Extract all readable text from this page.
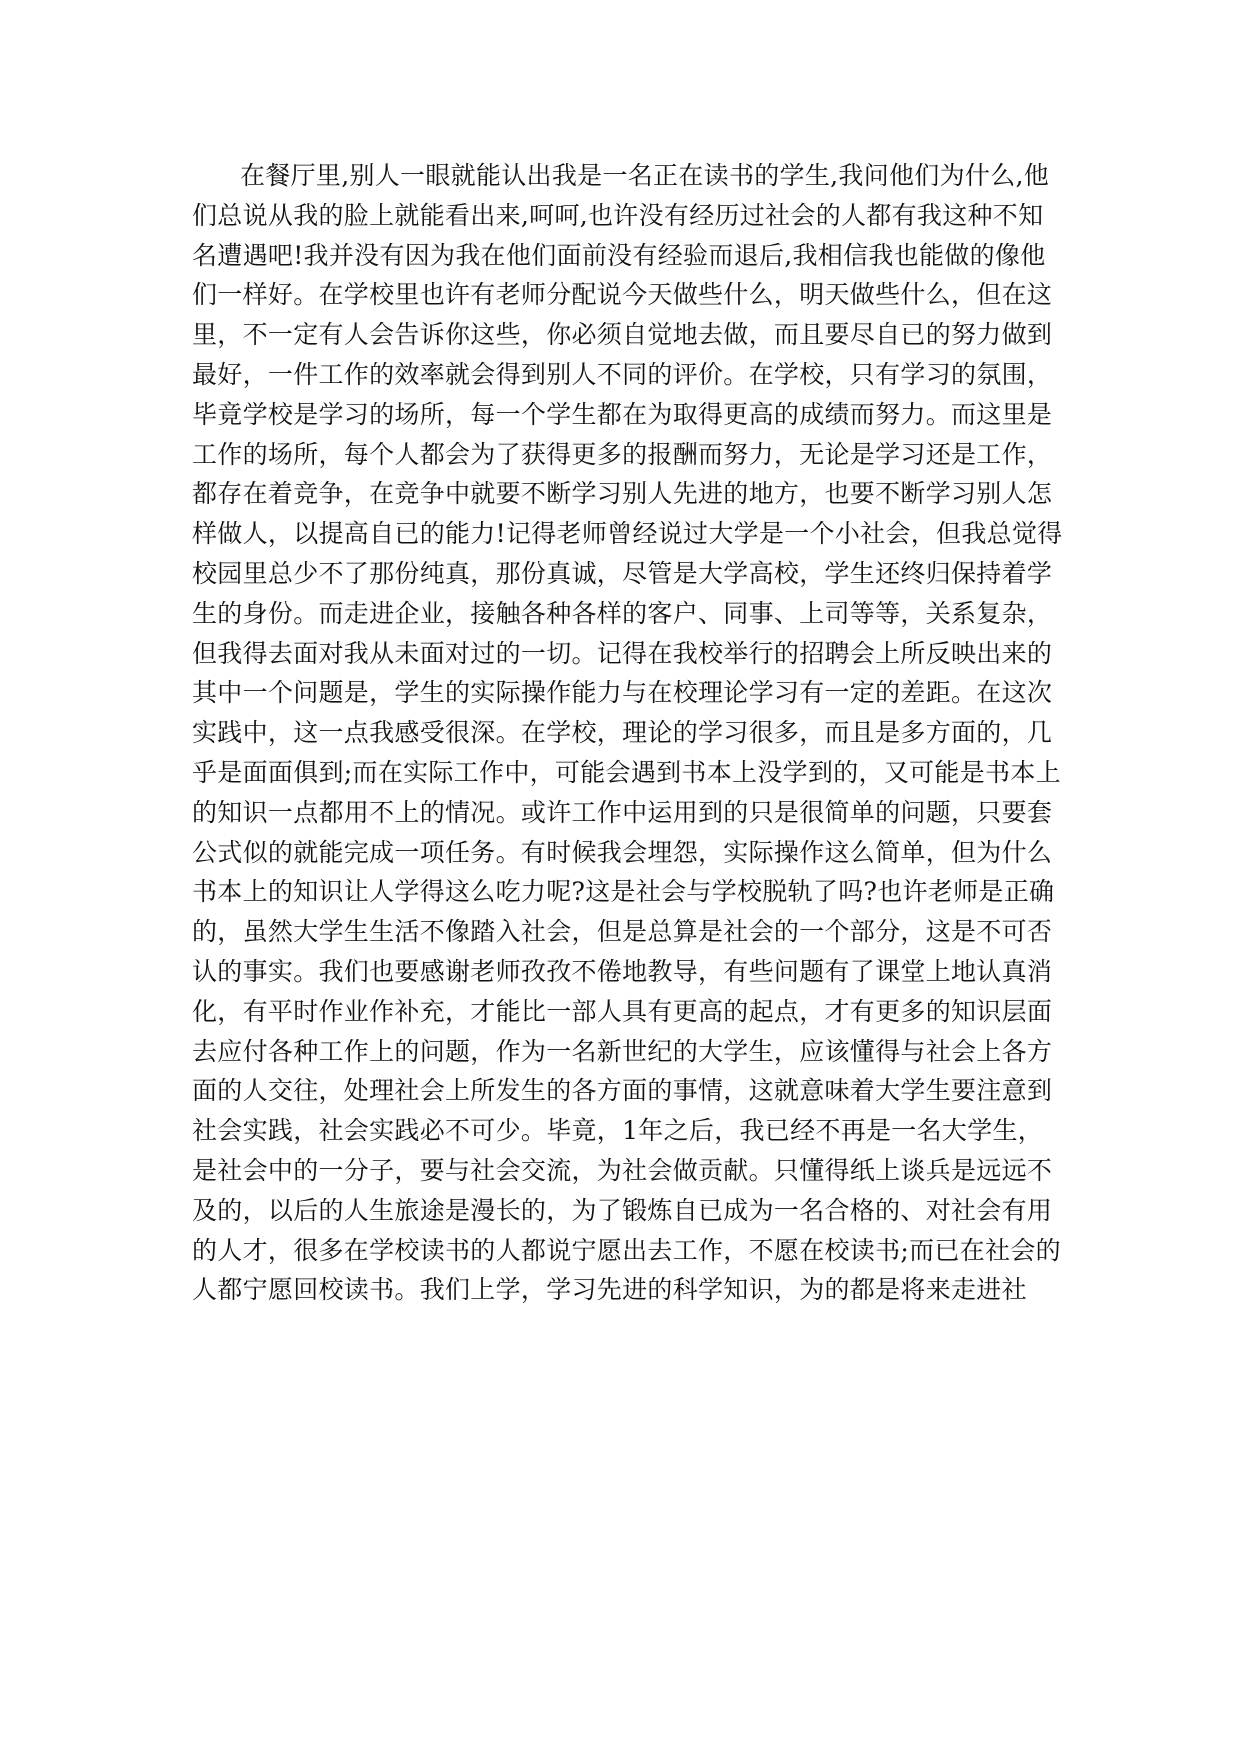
在餐厅里,别人一眼就能认出我是一名正在读书的学生,我问他们为什么,他
们总说从我的脸上就能看出来,呵呵,也许没有经历过社会的人都有我这种不知
名遭遇吧!我并没有因为我在他们面前没有经验而退后,我相信我也能做的像他
们一样好。在学校里也许有老师分配说今天做些什么，明天做些什么，但在这
里，不一定有人会告诉你这些，你必须自觉地去做，而且要尽自已的努力做到
最好，一件工作的效率就会得到别人不同的评价。在学校，只有学习的氛围，
毕竟学校是学习的场所，每一个学生都在为取得更高的成绩而努力。而这里是
工作的场所，每个人都会为了获得更多的报酬而努力，无论是学习还是工作，
都存在着竞争，在竞争中就要不断学习别人先进的地方，也要不断学习别人怎
样做人，以提高自已的能力!记得老师曾经说过大学是一个小社会，但我总觉得
校园里总少不了那份纯真，那份真诚，尽管是大学高校，学生还终归保持着学
生的身份。而走进企业，接触各种各样的客户、同事、上司等等，关系复杂，
但我得去面对我从未面对过的一切。记得在我校举行的招聘会上所反映出来的
其中一个问题是，学生的实际操作能力与在校理论学习有一定的差距。在这次
实践中，这一点我感受很深。在学校，理论的学习很多，而且是多方面的，几
乎是面面俱到;而在实际工作中，可能会遇到书本上没学到的，又可能是书本上
的知识一点都用不上的情况。或许工作中运用到的只是很简单的问题，只要套
公式似的就能完成一项任务。有时候我会埋怨，实际操作这么简单，但为什么
书本上的知识让人学得这么吃力呢?这是社会与学校脱轨了吗?也许老师是正确
的，虽然大学生生活不像踏入社会，但是总算是社会的一个部分，这是不可否
认的事实。我们也要感谢老师孜孜不倦地教导，有些问题有了课堂上地认真消
化，有平时作业作补充，才能比一部人具有更高的起点，才有更多的知识层面
去应付各种工作上的问题，作为一名新世纪的大学生，应该懂得与社会上各方
面的人交往，处理社会上所发生的各方面的事情，这就意味着大学生要注意到
社会实践，社会实践必不可少。毕竟，1年之后，我已经不再是一名大学生，
是社会中的一分子，要与社会交流，为社会做贡献。只懂得纸上谈兵是远远不
及的，以后的人生旅途是漫长的，为了锻炼自已成为一名合格的、对社会有用
的人才，很多在学校读书的人都说宁愿出去工作，不愿在校读书;而已在社会的
人都宁愿回校读书。我们上学，学习先进的科学知识，为的都是将来走进社
